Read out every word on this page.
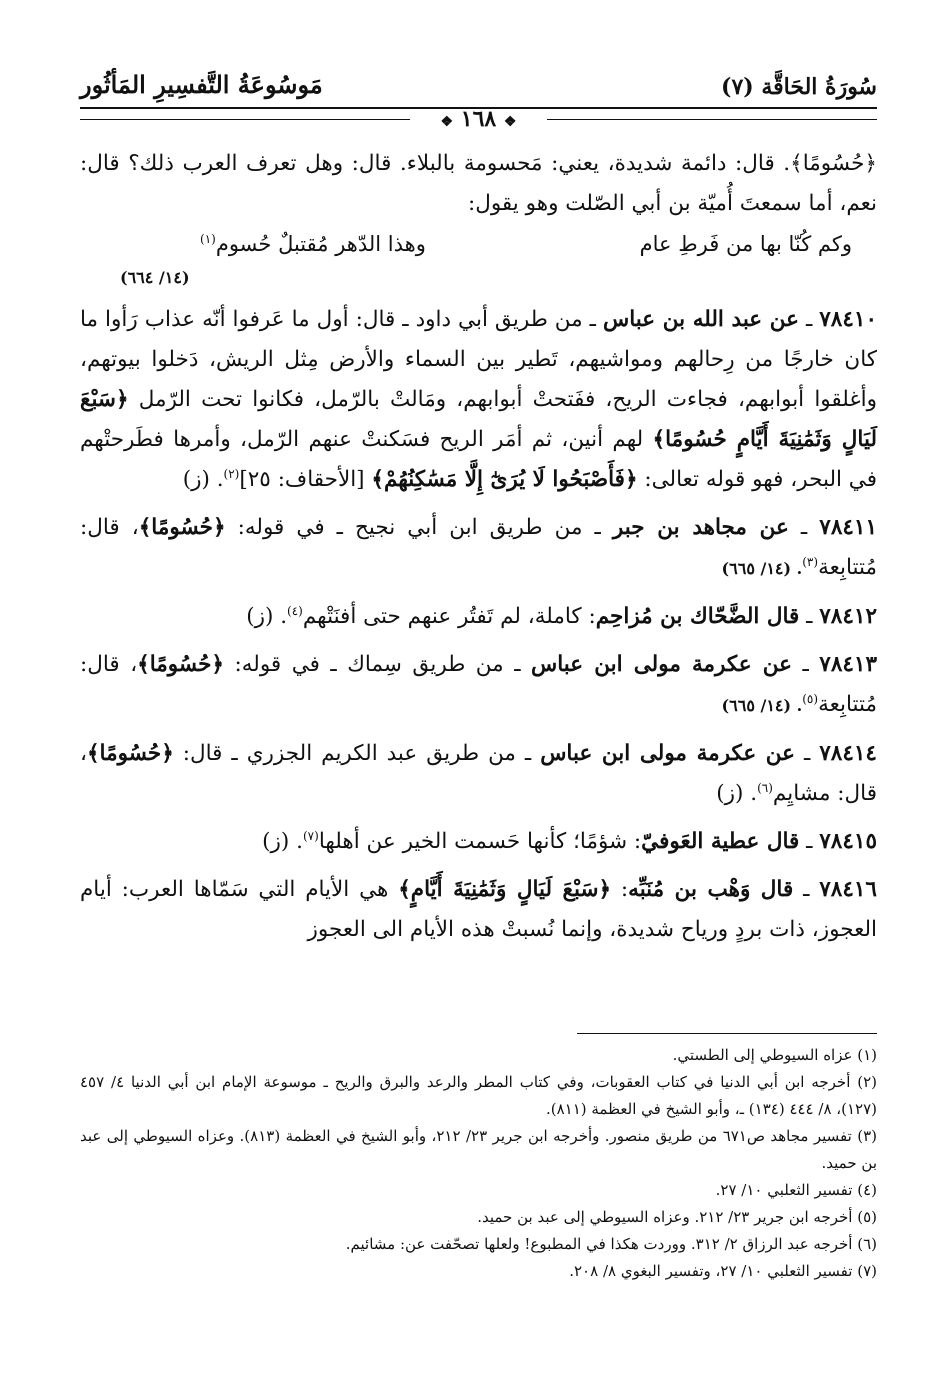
سُورَةُ الحَاقَّة (٧)
مَوسُوعَةُ التَّفسِيرِ المَأثُور
❖ ١٦٨ ❖

﴿حُسُومًا﴾. قال: دائمة شديدة، يعني: مَحسومة بالبلاء. قال: وهل تعرف العرب ذلك؟ قال: نعم، أما سمعتَ أُميّة بن أبي الصّلت وهو يقول:

وكم كُنّا بها من فَرطِ عام
وهذا الدّهر مُقتبلٌ حُسوم$^{(١)}$
(١٤/ ٦٦٤)

٧٨٤١٠ ـ عن عبد الله بن عباس ـ من طريق أبي داود ـ قال: أول ما عَرفوا أنّه عذاب رَأوا ما كان خارجًا من رِحالهم ومواشيهم، تَطير بين السماء والأرض مِثل الريش، دَخلوا بيوتهم، وأغلقوا أبوابهم، فجاءت الريح، ففَتحتْ أبوابهم، ومَالتْ بالرّمل، فكانوا تحت الرّمل ﴿سَبْعَ لَيَالٍ وَثَمَٰنِيَةَ أَيَّامٍ حُسُومًا﴾ لهم أنين، ثم أمَر الريح فسَكنتْ عنهم الرّمل، وأمرها فطَرحتْهم في البحر، فهو قوله تعالى: ﴿فَأَصْبَحُوا لَا يُرَىٰٓ إِلَّا مَسَٰكِنُهُمْ﴾ [الأحقاف: ٢٥]$^{(٢)}$. (ز)

٧٨٤١١ ـ عن مجاهد بن جبر ـ من طريق ابن أبي نجيح ـ في قوله: ﴿حُسُومًا﴾، قال: مُتتابِعة$^{(٣)}$. (١٤/ ٦٦٥)

٧٨٤١٢ ـ قال الضَّحّاك بن مُزاحِم: كاملة، لم تَفتُر عنهم حتى أفنَتْهم$^{(٤)}$. (ز)

٧٨٤١٣ ـ عن عكرمة مولى ابن عباس ـ من طريق سِماك ـ في قوله: ﴿حُسُومًا﴾، قال: مُتتابِعة$^{(٥)}$. (١٤/ ٦٦٥)

٧٨٤١٤ ـ عن عكرمة مولى ابن عباس ـ من طريق عبد الكريم الجزري ـ قال: ﴿حُسُومًا﴾، قال: مشايِم$^{(٦)}$. (ز)

٧٨٤١٥ ـ قال عطية العَوفيّ: شؤمًا؛ كأنها حَسمت الخير عن أهلها$^{(٧)}$. (ز)

٧٨٤١٦ ـ قال وَهْب بن مُنَبِّه: ﴿سَبْعَ لَيَالٍ وَثَمَٰنِيَةَ أَيَّامٍ﴾ هي الأيام التي سَمّاها العرب: أيام العجوز، ذات بردٍ ورياح شديدة، وإنما نُسبتْ هذه الأيام الى العجوز

(١) عزاه السيوطي إلى الطستي.

(٢) أخرجه ابن أبي الدنيا في كتاب العقوبات، وفي كتاب المطر والرعد والبرق والريح ـ موسوعة الإمام ابن أبي الدنيا ٤/ ٤٥٧ (١٢٧)، ٨/ ٤٤٤ (١٣٤) ـ، وأبو الشيخ في العظمة (٨١١).

(٣) تفسير مجاهد ص٦٧١ من طريق منصور. وأخرجه ابن جرير ٢٣/ ٢١٢، وأبو الشيخ في العظمة (٨١٣). وعزاه السيوطي إلى عبد بن حميد.

(٤) تفسير الثعلبي ١٠/ ٢٧.

(٥) أخرجه ابن جرير ٢٣/ ٢١٢. وعزاه السيوطي إلى عبد بن حميد.

(٦) أخرجه عبد الرزاق ٢/ ٣١٢. ووردت هكذا في المطبوع! ولعلها تصحّفت عن: مشائيم.

(٧) تفسير الثعلبي ١٠/ ٢٧، وتفسير البغوي ٨/ ٢٠٨.
